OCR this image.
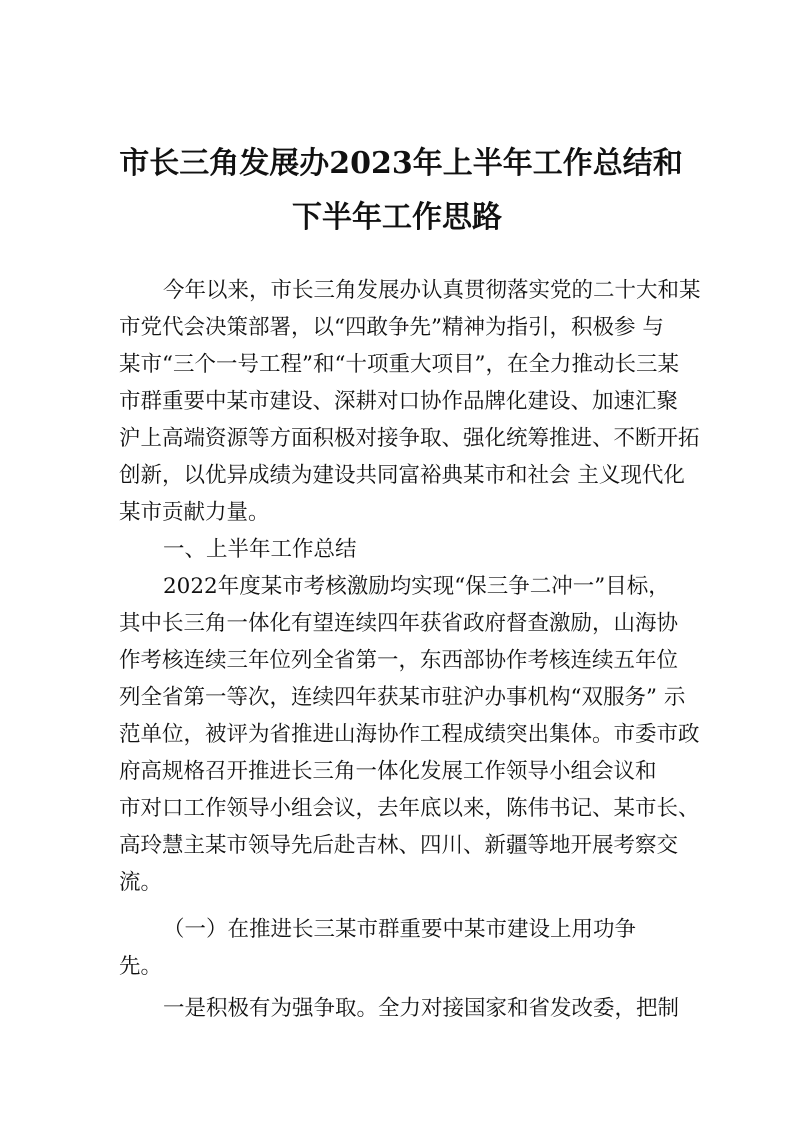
市长三角发展办2023年上半年工作总结和
下半年工作思路
今年以来，市长三角发展办认真贯彻落实党的二十大和某
市党代会决策部署，以“四敢争先”精神为指引，积极参 与
某市“三个一号工程”和“十项重大项目”，在全力推动长三某
市群重要中某市建设、深耕对口协作品牌化建设、加速汇聚
沪上高端资源等方面积极对接争取、强化统筹推进、不断开拓
创新，以优异成绩为建设共同富裕典某市和社会 主义现代化
某市贡献力量。
一、上半年工作总结
2022年度某市考核激励均实现“保三争二冲一”目标，
其中长三角一体化有望连续四年获省政府督查激励，山海协
作考核连续三年位列全省第一，东西部协作考核连续五年位
列全省第一等次，连续四年获某市驻沪办事机构“双服务” 示
范单位，被评为省推进山海协作工程成绩突出集体。市委市政
府高规格召开推进长三角一体化发展工作领导小组会议和
市对口工作领导小组会议，去年底以来，陈伟书记、某市长、
高玲慧主某市领导先后赴吉林、四川、新疆等地开展考察交
流。
（一）在推进长三某市群重要中某市建设上用功争
先。
一是积极有为强争取。全力对接国家和省发改委，把制
